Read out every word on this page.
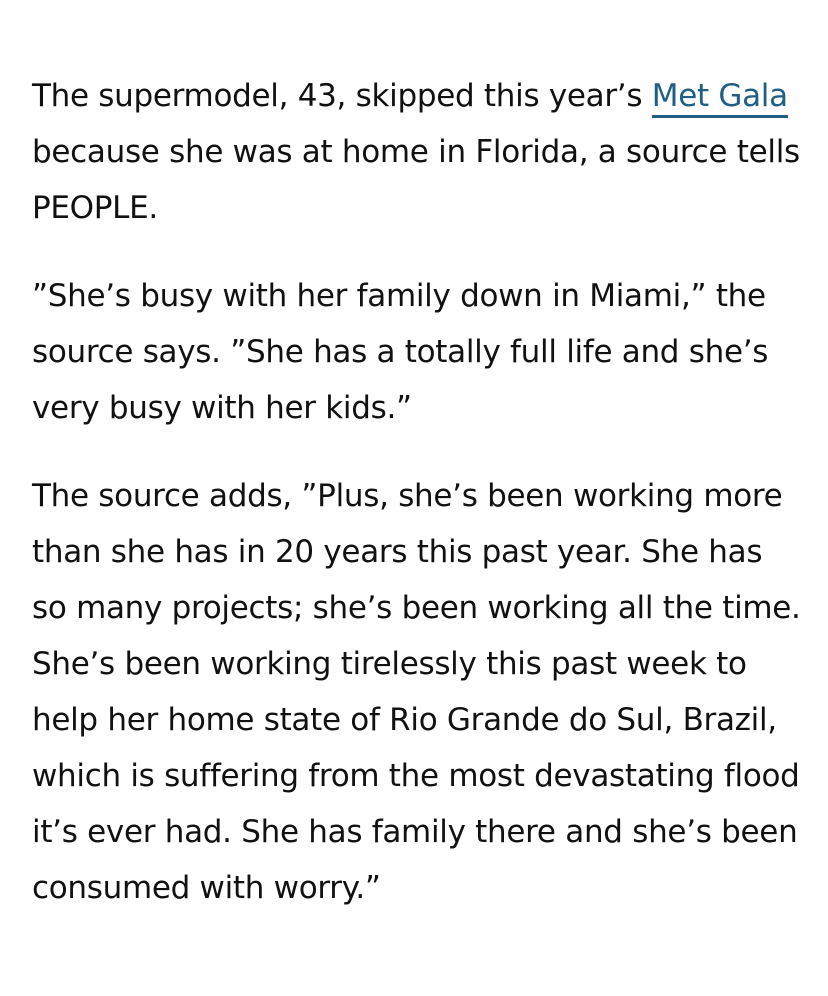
The supermodel, 43, skipped this year’s Met Gala because she was at home in Florida, a source tells PEOPLE.

”She’s busy with her family down in Miami,” the source says. ”She has a totally full life and she’s very busy with her kids.”

The source adds, ”Plus, she’s been working more than she has in 20 years this past year. She has so many projects; she’s been working all the time. She’s been working tirelessly this past week to help her home state of Rio Grande do Sul, Brazil, which is suffering from the most devastating flood it’s ever had. She has family there and she’s been consumed with worry.”
